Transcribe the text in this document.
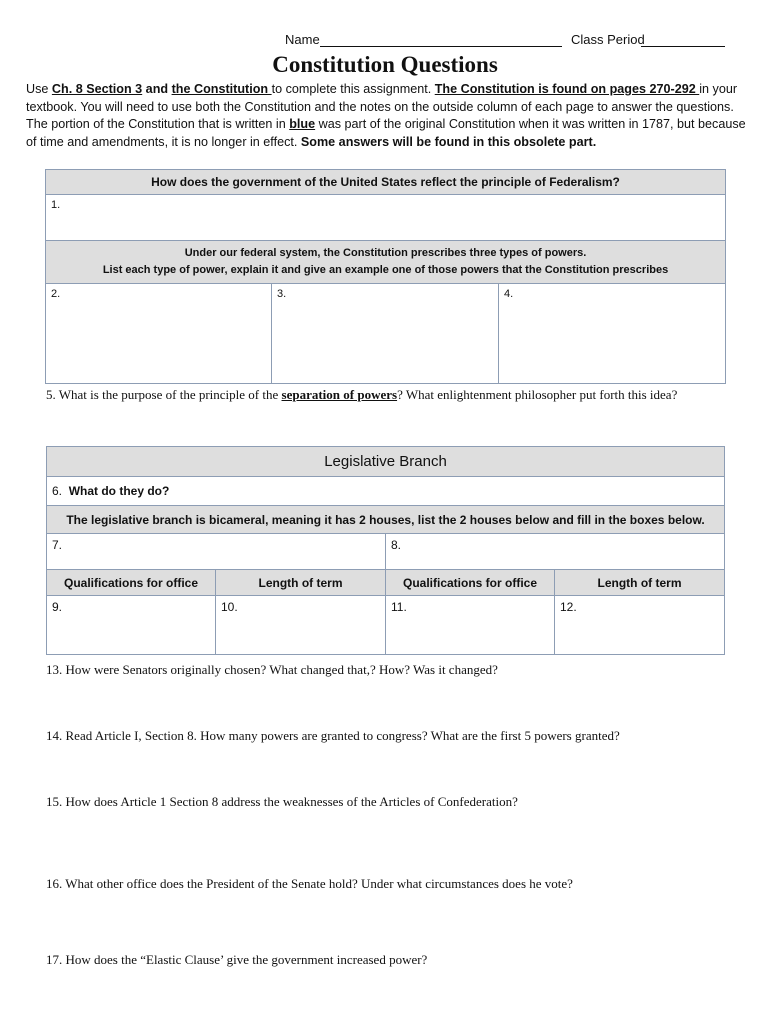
Name	Class Period
Constitution Questions
Use Ch. 8 Section 3 and the Constitution to complete this assignment. The Constitution is found on pages 270-292 in your textbook. You will need to use both the Constitution and the notes on the outside column of each page to answer the questions. The portion of the Constitution that is written in blue was part of the original Constitution when it was written in 1787, but because of time and amendments, it is no longer in effect. Some answers will be found in this obsolete part.
How does the government of the United States reflect the principle of Federalism?
1.

Under our federal system, the Constitution prescribes three types of powers.
List each type of power, explain it and give an example one of those powers that the Constitution prescribes

2.	3.	4.
5. What is the purpose of the principle of the separation of powers? What enlightenment philosopher put forth this idea?
Legislative Branch			
6. What do they do?			
The legislative branch is bicameral, meaning it has 2 houses, list the 2 houses below and fill in the boxes below.			
7.		8.	
Qualifications for office	Length of term	Qualifications for office	Length of term
9.	10.	11.	12.
13. How were Senators originally chosen? What changed that,? How? Was it changed?
14. Read Article I, Section 8. How many powers are granted to congress? What are the first 5 powers granted?
15. How does Article 1 Section 8 address the weaknesses of the Articles of Confederation?
16. What other office does the President of the Senate hold? Under what circumstances does he vote?
17. How does the “Elastic Clause’ give the government increased power?
